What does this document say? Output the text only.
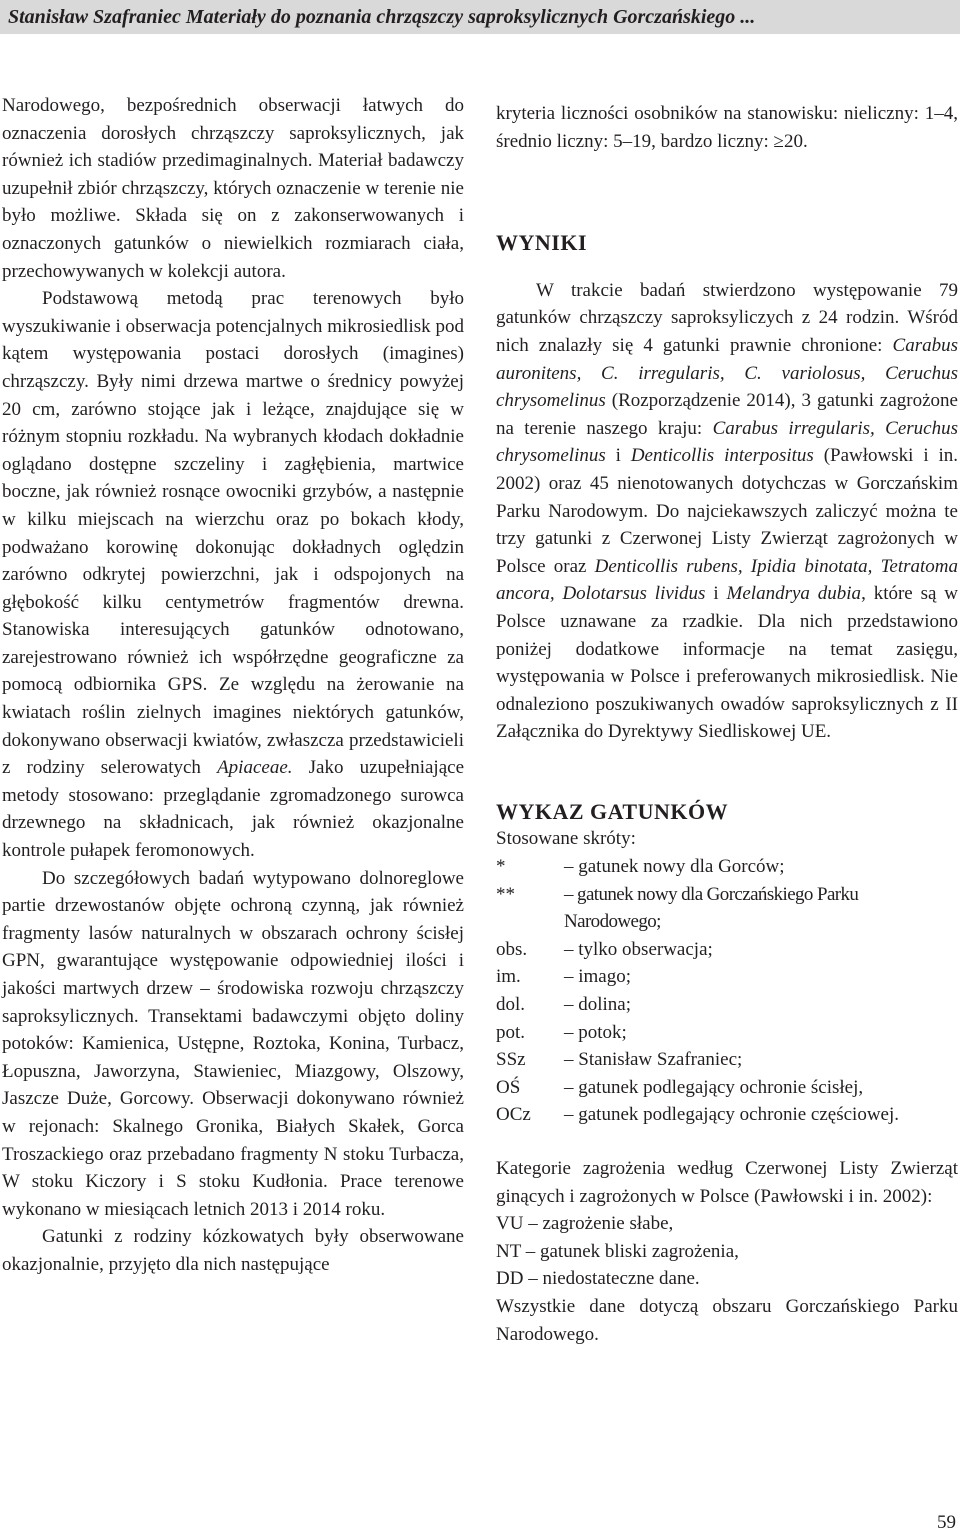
Stanisław Szafraniec Materiały do poznania chrząszczy saproksylicznych Gorczańskiego ...

Narodowego, bezpośrednich obserwacji łatwych do oznaczenia dorosłych chrząszczy saproksylicznych, jak również ich stadiów przedimaginalnych. Materiał badawczy uzupełnił zbiór chrząszczy, których oznaczenie w terenie nie było możliwe. Składa się on z zakonserwowanych i oznaczonych gatunków o niewielkich rozmiarach ciała, przechowywanych w kolekcji autora.

Podstawową metodą prac terenowych było wyszukiwanie i obserwacja potencjalnych mikrosiedlisk pod kątem występowania postaci dorosłych (imagines) chrząszczy. Były nimi drzewa martwe o średnicy powyżej 20 cm, zarówno stojące jak i leżące, znajdujące się w różnym stopniu rozkładu. Na wybranych kłodach dokładnie oglądano dostępne szczeliny i zagłębienia, martwice boczne, jak również rosnące owocniki grzybów, a następnie w kilku miejscach na wierzchu oraz po bokach kłody, podważano korowinę dokonując dokładnych oględzin zarówno odkrytej powierzchni, jak i odspojonych na głębokość kilku centymetrów fragmentów drewna. Stanowiska interesujących gatunków odnotowano, zarejestrowano również ich współrzędne geograficzne za pomocą odbiornika GPS. Ze względu na żerowanie na kwiatach roślin zielnych imagines niektórych gatunków, dokonywano obserwacji kwiatów, zwłaszcza przedstawicieli z rodziny selerowatych Apiaceae. Jako uzupełniające metody stosowano: przeglądanie zgromadzonego surowca drzewnego na składnicach, jak również okazjonalne kontrole pułapek feromonowych.

Do szczegółowych badań wytypowano dolnoreglowe partie drzewostanów objęte ochroną czynną, jak również fragmenty lasów naturalnych w obszarach ochrony ścisłej GPN, gwarantujące występowanie odpowiedniej ilości i jakości martwych drzew – środowiska rozwoju chrząszczy saproksylicznych. Transektami badawczymi objęto doliny potoków: Kamienica, Ustępne, Roztoka, Konina, Turbacz, Łopuszna, Jaworzyna, Stawieniec, Miazgowy, Olszowy, Jaszcze Duże, Gorcowy. Obserwacji dokonywano również w rejonach: Skalnego Gronika, Białych Skałek, Gorca Troszackiego oraz przebadano fragmenty N stoku Turbacza, W stoku Kiczory i S stoku Kudłonia. Prace terenowe wykonano w miesiącach letnich 2013 i 2014 roku.

Gatunki z rodziny kózkowatych były obserwowane okazjonalnie, przyjęto dla nich następujące

kryteria liczności osobników na stanowisku: nieliczny: 1–4, średnio liczny: 5–19, bardzo liczny: ≥20.

WYNIKI

W trakcie badań stwierdzono występowanie 79 gatunków chrząszczy saproksyliczych z 24 rodzin. Wśród nich znalazły się 4 gatunki prawnie chronione: Carabus auronitens, C. irregularis, C. variolosus, Ceruchus chrysomelinus (Rozporządzenie 2014), 3 gatunki zagrożone na terenie naszego kraju: Carabus irregularis, Ceruchus chrysomelinus i Denticollis interpositus (Pawłowski i in. 2002) oraz 45 nienotowanych dotychczas w Gorczańskim Parku Narodowym. Do najciekawszych zaliczyć można te trzy gatunki z Czerwonej Listy Zwierząt zagrożonych w Polsce oraz Denticollis rubens, Ipidia binotata, Tetratoma ancora, Dolotarsus lividus i Melandrya dubia, które są w Polsce uznawane za rzadkie. Dla nich przedstawiono poniżej dodatkowe informacje na temat zasięgu, występowania w Polsce i preferowanych mikrosiedlisk. Nie odnaleziono poszukiwanych owadów saproksylicznych z II Załącznika do Dyrektywy Siedliskowej UE.

WYKAZ GATUNKÓW

Stosowane skróty:

*	– gatunek nowy dla Gorców;
**	– gatunek nowy dla Gorczańskiego Parku Narodowego;
obs.	– tylko obserwacja;
im.	– imago;
dol.	– dolina;
pot.	– potok;
SSz	– Stanisław Szafraniec;
OŚ	– gatunek podlegający ochronie ścisłej,
OCz	– gatunek podlegający ochronie częściowej.

Kategorie zagrożenia według Czerwonej Listy Zwierząt ginących i zagrożonych w Polsce (Pawłowski i in. 2002):

VU – zagrożenie słabe,

NT – gatunek bliski zagrożenia,

DD – niedostateczne dane.

Wszystkie dane dotyczą obszaru Gorczańskiego Parku Narodowego.

59
